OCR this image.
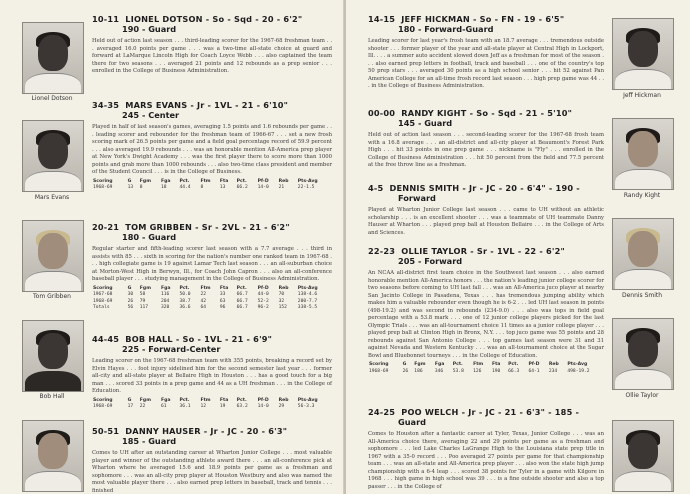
Lionel Dotson
10-11 LIONEL DOTSON - So - Sqd - 20 - 6'2"
190 - Guard
Held out of action last season . . . third-leading scorer for the 1967-68 freshman team . . . averaged 16.0 points per game . . . was a two-time all-state choice at guard and forward at LaMarque Lincoln High for Coach Loyce Webb . . . also captained the team there for two seasons . . . averaged 21 points and 12 rebounds as a prep senior . . . enrolled in the College of Business Administration.
Mars Evans
34-35 MARS EVANS - Jr - 1VL - 21 - 6'10"
245 - Center
Played in half of last season's games, averaging 1.5 points and 1.6 rebounds per game . . . leading scorer and rebounder for the freshman team of 1966-67 . . . set a new frosh scoring mark of 26.5 points per game and a field goal percentage record of 59.9 percent . . . also averaged 19.9 rebounds . . . was an honorable mention All-America prep player at New York's Dwight Academy . . . was the first player there to score more than 1000 points and grab more than 1000 rebounds . . . also two-time class president and member of the Student Council . . . is in the College of Business.
Scoring	G	Fgm	Fga	Pct.	Ftm	Fta	Pct.	Pf-D	Reb	Pts-Avg
1968-69	13	8	18	44.4	8	13	66.2	14-0	21	22-1.5
Tom Gribben
20-21 TOM GRIBBEN - Sr - 2VL - 21 - 6'2"
180 - Guard
Regular starter and fifth-leading scorer last season with a 7.7 average . . . third in assists with 85 . . . sixth in scoring for the nation's number one ranked team in 1967-68 . . . high collegiate game is 19 against Lamar Tech last season . . . an all-suburban choice at Morton-West High in Berwyn, Ill., for Coach John Capron . . . also an all-conference baseball player . . . studying management in the College of Business Administration.
Scoring	G	Fgm	Fga	Pct.	Ftm	Fta	Pct.	Pf-D	Reb	Pts-Avg
1967-68	30	58	116	50.0	22	33	66.7	44-0	70	138-4.6
1968-69	26	79	204	38.7	42	63	66.7	52-2	32	200-7.7
Totals	56	117	320	36.6	64	96	66.7	96-2	152	338-5.5
Bob Hall
44-45 BOB HALL - So - 1VL - 21 - 6'9"
225 - Forward-Center
Leading scorer on the 1967-68 freshman team with 355 points, breaking a record set by Elvin Hayes . . . foot injury sidelined him for the second semester last year . . . former all-city and all-state player at Bellaire High in Houston . . . has a good touch for a big man . . . scored 33 points in a prep game and 44 as a UH freshman . . . in the College of Education.
Scoring	G	Fgm	Fga	Pct.	Ftm	Fta	Pct.	Pf-D	Reb	Pts-Avg
1968-69	17	22	61	36.1	12	19	63.2	14-0	29	56-3.3
50-51 DANNY HAUSER - Jr - JC - 20 - 6'3"
185 - Guard
Comes to UH after an outstanding career at Wharton Junior College . . . most valuable player and winner of the outstanding athlete award there . . . an all-conference pick at Wharton where he averaged 15.6 and 18.9 points per game as a freshman and sophomore . . . was an all-city prep player at Houston Westbury and also was named the most valuable player there . . . also earned prep letters in baseball, track and tennis . . . finished
14-15 JEFF HICKMAN - So - FN - 19 - 6'5"
180 - Forward-Guard
Leading scorer for last year's frosh team with an 18.7 average . . . tremendous outside shooter . . . former player of the year and all-state player at Central High in Lockport, Ill. . . . a summer auto accident slowed down Jeff as a freshman for most of the season . . . also earned prep letters in football, track and baseball . . . one of the country's top 50 prep stars . . . averaged 30 points as a high school senior . . . hit 52 against Pan American College for an all-time frosh record last season . . . high prep game was 44 . . . in the College of Business Administration.
Jeff Hickman
00-00 RANDY KIGHT - So - Sqd - 21 - 5'10"
145 - Guard
Held out of action last season . . . second-leading scorer for the 1967-68 frosh team with a 16.8 average . . . an all-district and all-city player at Beaumont's Forest Park High . . . hit 33 points in one prep game . . . nickname is "Fly" . . . enrolled in the College of Business Administration . . . hit 50 percent from the field and 77.5 percent at the free throw line as a freshman.
Randy Kight
4-5 DENNIS SMITH - Jr - JC - 20 - 6'4" - 190 -
Forward
Played at Wharton Junior College last season . . . came to UH without an athletic scholarship . . . is an excellent shooter . . . was a teammate of UH teammate Danny Hauser at Wharton . . . played prep ball at Houston Bellaire . . . in the College of Arts and Sciences.
Dennis Smith
22-23 OLLIE TAYLOR - Sr - 1VL - 22 - 6'2"
205 - Forward
An NCAA all-district first team choice in the Southwest last season . . . also earned honorable mention All-America honors . . . the nation's leading junior college scorer for two seasons before coming to UH last fall . . . was an All-America juco player at nearby San Jacinto College in Pasadena, Texas . . . has tremendous jumping ability which makes him a valuable rebounder even though he is 6-2 . . . led UH last season in points (498-19.2) and was second in rebounds (234-9.0) . . . also was tops in field goal percentage with a 53.8 mark . . . one of 12 junior college players picked for the last Olympic Trials . . . was an all-tournament choice 11 times as a junior college player . . . played prep ball at Clinton High in Bronx, N.Y. . . . top juco game was 55 points and 28 rebounds against San Antonio College . . . top games last season were 31 and 31 against Nevada and Western Kentucky . . . was an all-tournament choice at the Sugar Bowl and Bluebonnet tourneys . . . in the College of Education.
Scoring	G	Fgm	Fga	Pct.	Ftm	Fta	Pct.	Pf-D	Reb	Pts-Avg
1968-69	26	186	346	53.8	126	190	66.3	64-1	234	498-19.2
Ollie Taylor
24-25 POO WELCH - Jr - JC - 21 - 6'3" - 185 -
Guard
Comes to Houston after a fantastic career at Tyler, Texas, Junior College . . . was an All-America choice there, averaging 22 and 29 points per game as a freshman and sophomore . . . led Lake Charles LaGrange High to the Louisiana state prep title in 1967 with a 35-0 record . . . Poo averaged 27 points per game for that championship team . . . was an all-state and All-America prep player . . . also won the state high jump championship with a 6-4 leap . . . scored 38 points for Tyler in a game with Kilgore in 1968 . . . high game in high school was 39 . . . is a fine outside shooter and also a top passer . . . in the College of
